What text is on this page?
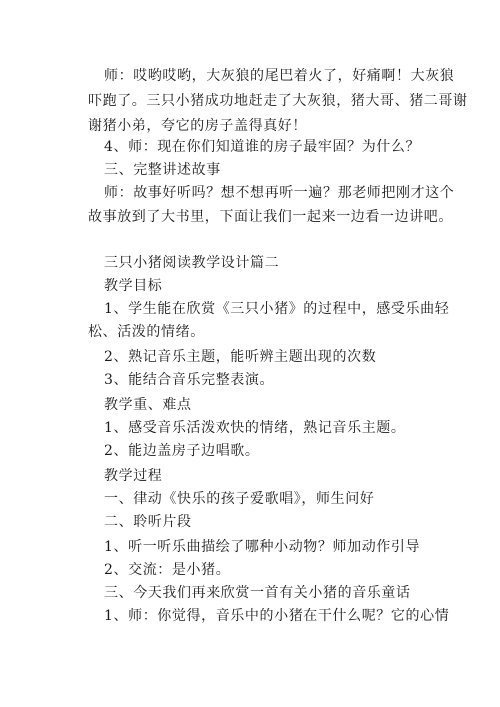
师：哎哟哎哟，大灰狼的尾巴着火了，好痛啊！大灰狼
吓跑了。三只小猪成功地赶走了大灰狼，猪大哥、猪二哥谢
谢猪小弟，夸它的房子盖得真好！
4、师：现在你们知道谁的房子最牢固？为什么？
三、完整讲述故事
师：故事好听吗？想不想再听一遍？那老师把刚才这个
故事放到了大书里，下面让我们一起来一边看一边讲吧。
三只小猪阅读教学设计篇二
教学目标
1、学生能在欣赏《三只小猪》的过程中，感受乐曲轻
松、活泼的情绪。
2、熟记音乐主题，能听辨主题出现的次数
3、能结合音乐完整表演。
教学重、难点
1、感受音乐活泼欢快的情绪，熟记音乐主题。
2、能边盖房子边唱歌。
教学过程
一、律动《快乐的孩子爱歌唱》，师生问好
二、聆听片段
1、听一听乐曲描绘了哪种小动物？师加动作引导
2、交流：是小猪。
三、今天我们再来欣赏一首有关小猪的音乐童话
1、师：你觉得，音乐中的小猪在干什么呢？它的心情
